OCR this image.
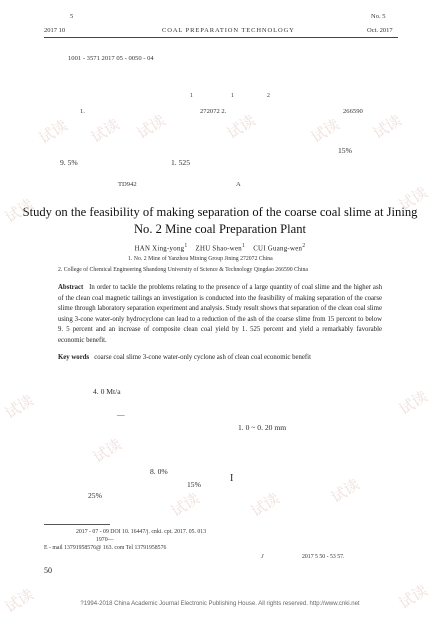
5
2017 10	COAL PREPARATION TECHNOLOGY
No. 5
Oct. 2017
1001 - 3571 2017 05 - 0050 - 04
1	1	2
1.	272072 2.	266590
15%
9. 5%	1. 525
TD942	A
Study on the feasibility of making separation of the coarse coal slime at Jining No. 2 Mine coal Preparation Plant
HAN Xing-yong$^1$ ZHU Shao-wen$^1$ CUI Guang-wen$^2$
1. No. 2 Mine of Yanzhou Mining Group Jining 272072 China
2. College of Chemical Engineering Shandong University of Science & Technology Qingdao 266590 China
Abstract In order to tackle the problems relating to the presence of a large quantity of coal slime and the higher ash of the clean coal magnetic tailings an investigation is conducted into the feasibility of making separation of the coarse slime through laboratory separation experiment and analysis. Study result shows that separation of the clean coal slime using 3-cone water-only hydrocyclone can lead to a reduction of the ash of the coarse slime from 15 percent to below 9. 5 percent and an increase of composite clean coal yield by 1. 525 percent and yield a remarkably favorable economic benefit.
Key words coarse coal slime 3-cone water-only cyclone ash of clean coal economic benefit
4. 0 Mt/a
—
1. 0 ~ 0. 20 mm
8. 0%
I
15%
25%
2017 - 07 - 09 DOI 10. 16447/j. cnki. cpt. 2017. 05. 013
1970—
E - mail 13791958576@ 163. com Tel 13791958576
J	2017 5 50 - 53 57.
50
?1994-2018 China Academic Journal Electronic Publishing House. All rights reserved. http://www.cnki.net
试读 试读 试读	试读	试读 试读
试读	试读
试读	试读
试读
试读	试读	试读
试读	试读
